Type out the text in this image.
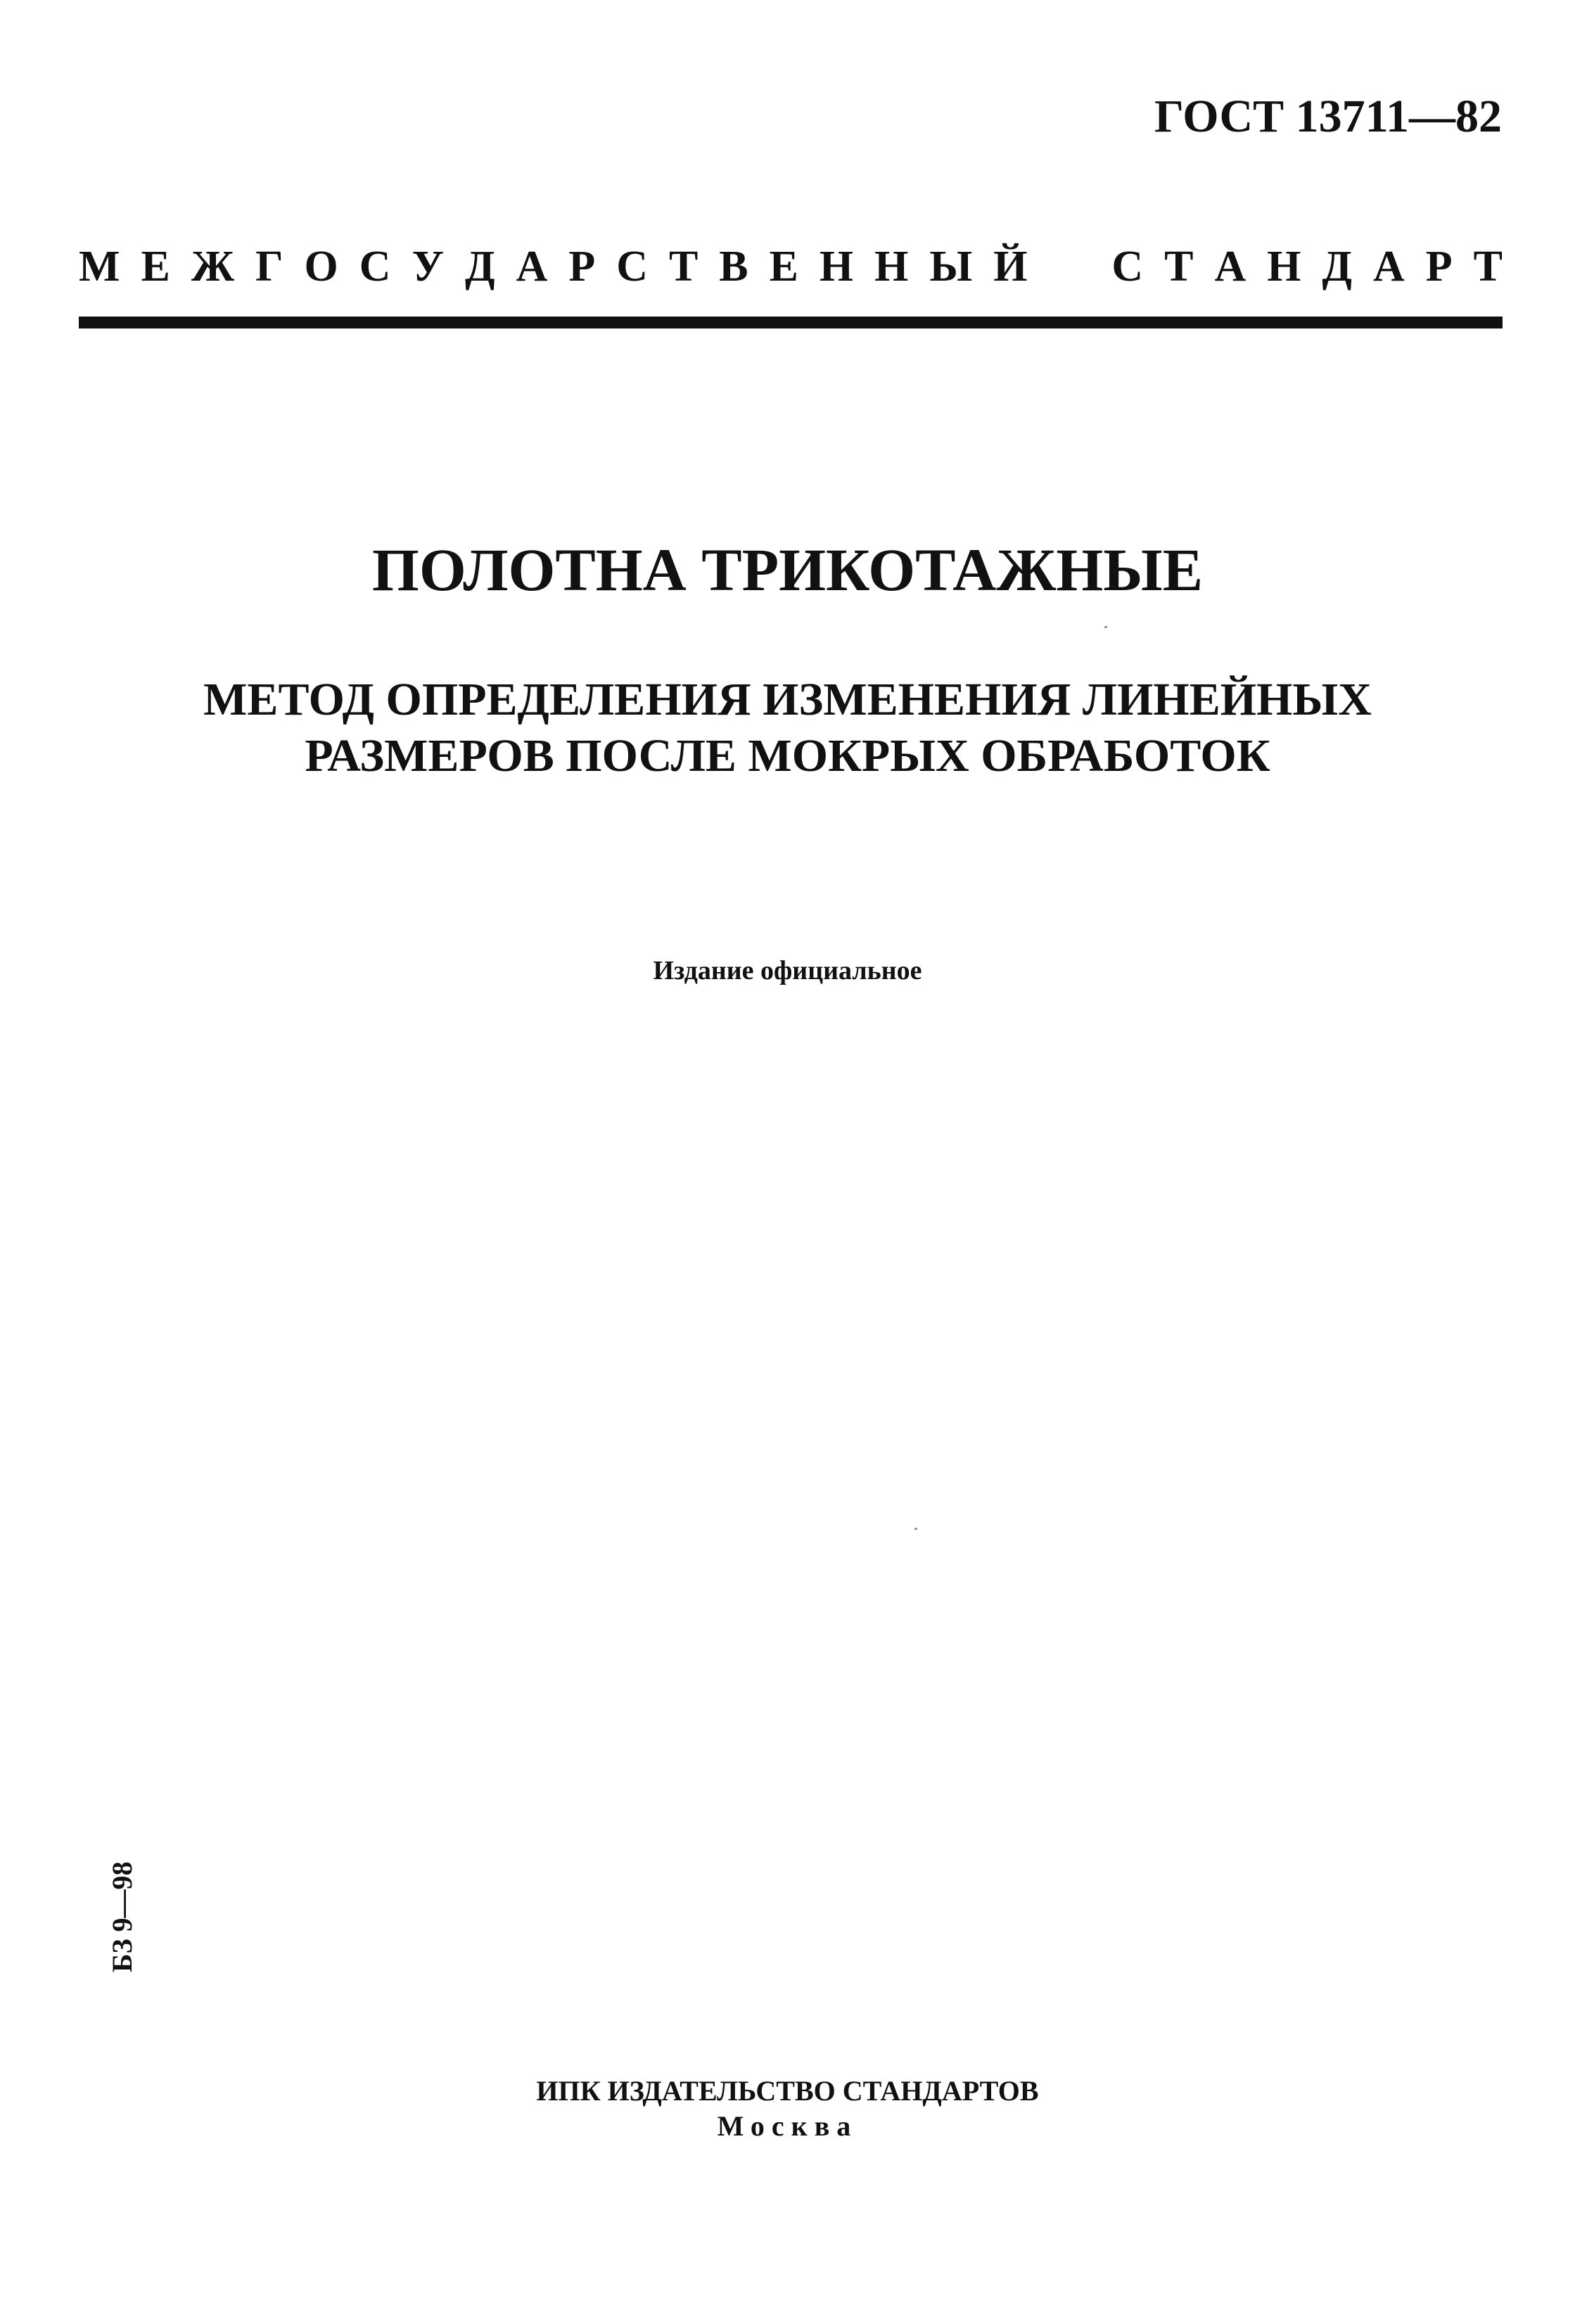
ГОСТ 13711—82
М Е Ж Г О С У Д А Р С Т В Е Н Н Ы Й
С Т А Н Д А Р Т
ПОЛОТНА ТРИКОТАЖНЫЕ
МЕТОД ОПРЕДЕЛЕНИЯ ИЗМЕНЕНИЯ ЛИНЕЙНЫХ
РАЗМЕРОВ ПОСЛЕ МОКРЫХ ОБРАБОТОК
Издание официальное
БЗ 9—98
ИПК ИЗДАТЕЛЬСТВО СТАНДАРТОВ
Москва
